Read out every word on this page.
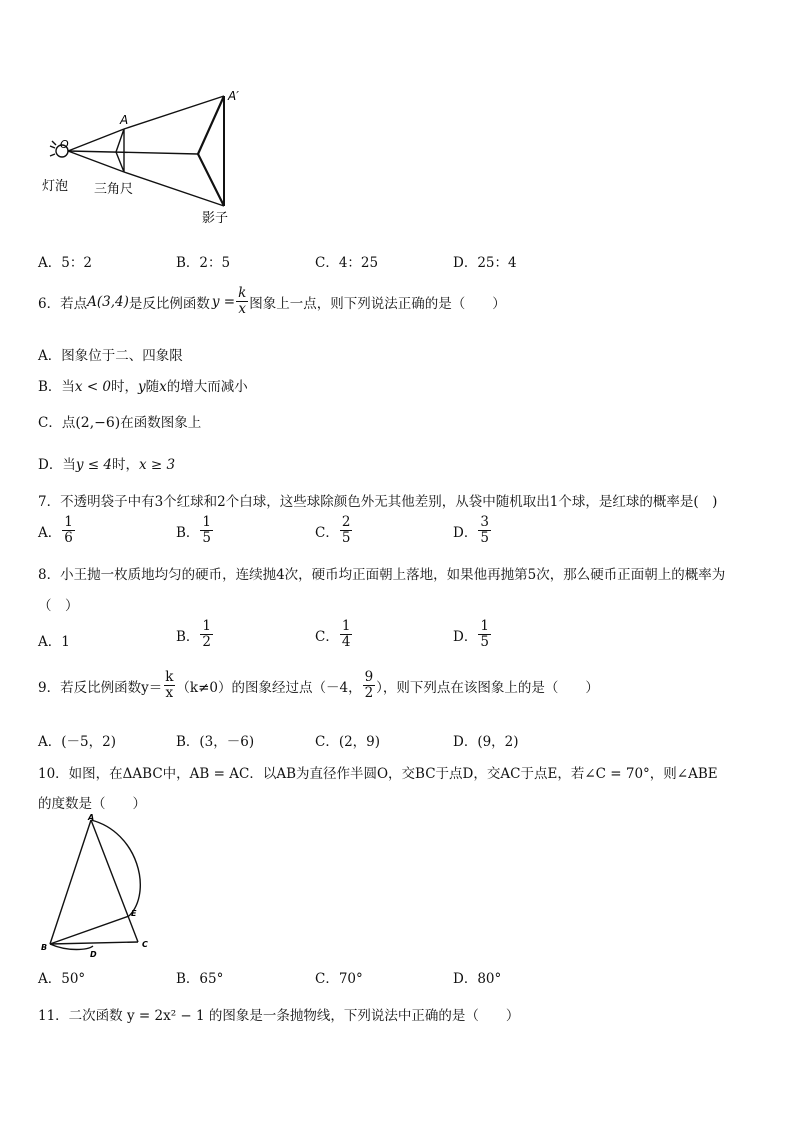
A
A′
O
灯泡 三角尺
影子
A．5：2	B．2：5	C．4：25	D．25：4
6．若点 A(3,4) 是反比例函数 $y = \frac{k}{x}$ 图象上一点，则下列说法正确的是（　　）
A．图象位于二、四象限
B．当x < 0时，y随x的增大而减小
C．点(2,−6)在函数图象上
D．当y ≤ 4时，x ≥ 3
7．不透明袋子中有3个红球和2个白球，这些球除颜色外无其他差别，从袋中随机取出1个球，是红球的概率是(　)
A． $\frac{1}{6}$	B． $\frac{1}{5}$	C． $\frac{2}{5}$	D． $\frac{3}{5}$
8．小王抛一枚质地均匀的硬币，连续抛4次，硬币均正面朝上落地，如果他再抛第5次，那么硬币正面朝上的概率为
（　）
A．1	B． $\frac{1}{2}$	C． $\frac{1}{4}$	D． $\frac{1}{5}$
9．若反比例函数$y= \frac{k}{x} (k\ne 0)$的图象经过点（－4， $\frac{9}{2}$ ），则下列点在该图象上的是（　　）
A．(－5，2)	B．(3，－6)	C．(2，9)	D．(9，2)
10．如图，在ΔABC中，AB = AC．以AB为直径作半圆O，交BC于点D，交AC于点E，若∠C = 70°，则∠ABE
的度数是（　　）
A
B	C
D
E
A．50°	B．65°	C．70°	D．80°
11．二次函数 y = 2x² − 1 的图象是一条抛物线，下列说法中正确的是（　　）
